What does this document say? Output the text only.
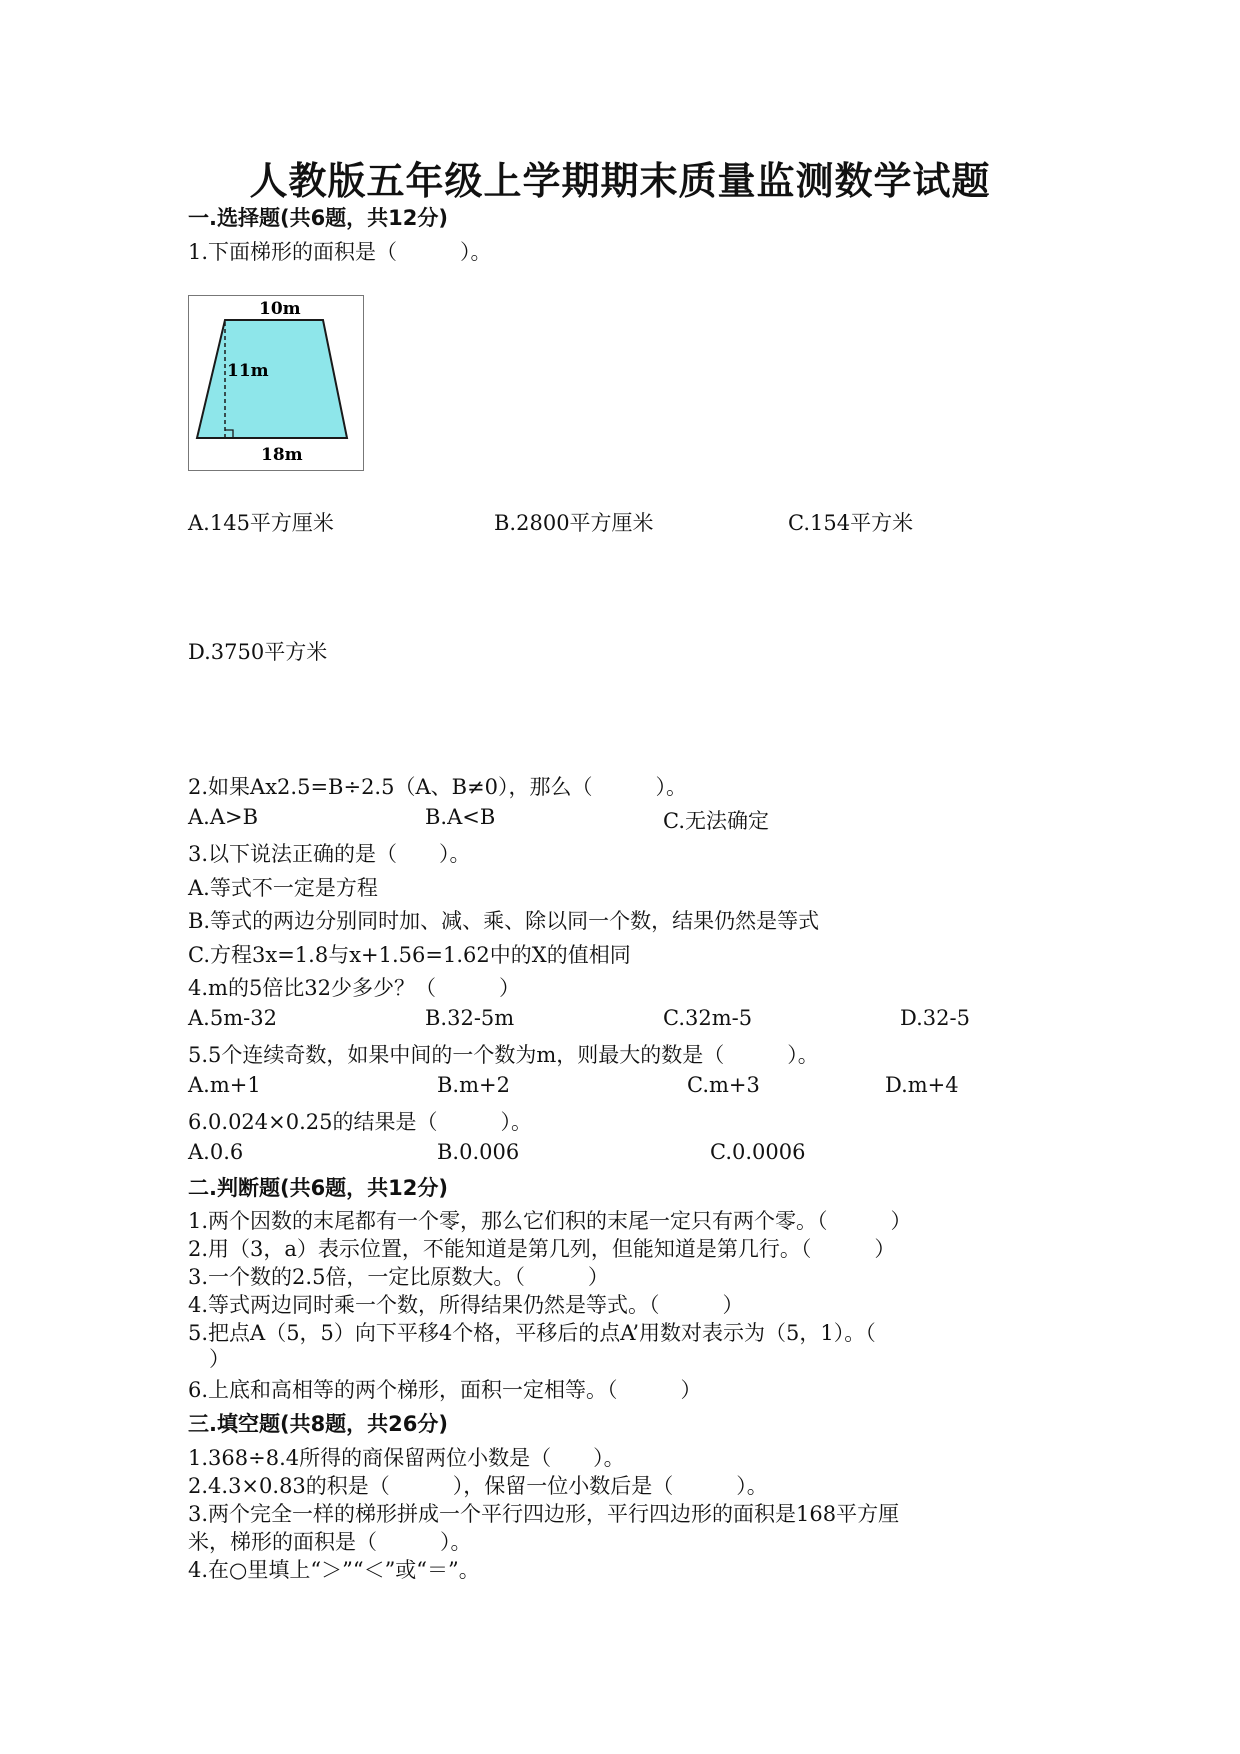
人教版五年级上学期期末质量监测数学试题
一.选择题(共6题，共12分)
1.下面梯形的面积是（　　　）。
10m
11m
18m
A.145平方厘米	B.2800平方厘米	C.154平方米
D.3750平方米
2.如果Ax2.5=B÷2.5（A、B≠0），那么（　　　）。
A.A>B	B.A<B	C.无法确定
3.以下说法正确的是（　　）。
A.等式不一定是方程
B.等式的两边分别同时加、减、乘、除以同一个数，结果仍然是等式
C.方程3x=1.8与x+1.56=1.62中的X的值相同
4.m的5倍比32少多少？（　　　）
A.5m-32	B.32-5m	C.32m-5	D.32-5
5.5个连续奇数，如果中间的一个数为m，则最大的数是（　　　）。
A.m+1	B.m+2	C.m+3	D.m+4
6.0.024×0.25的结果是（　　　）。
A.0.6	B.0.006	C.0.0006
二.判断题(共6题，共12分)
1.两个因数的末尾都有一个零，那么它们积的末尾一定只有两个零。（　　　）
2.用（3，a）表示位置，不能知道是第几列，但能知道是第几行。（　　　）
3.一个数的2.5倍，一定比原数大。（　　　）
4.等式两边同时乘一个数，所得结果仍然是等式。（　　　）
5.把点A（5，5）向下平移4个格，平移后的点A’用数对表示为（5，1）。（
　）
6.上底和高相等的两个梯形，面积一定相等。（　　　）
三.填空题(共8题，共26分)
1.368÷8.4所得的商保留两位小数是（　　）。
2.4.3×0.83的积是（　　　），保留一位小数后是（　　　）。
3.两个完全一样的梯形拼成一个平行四边形，平行四边形的面积是168平方厘
米，梯形的面积是（　　　）。
4.在○里填上“＞”“＜”或“＝”。
